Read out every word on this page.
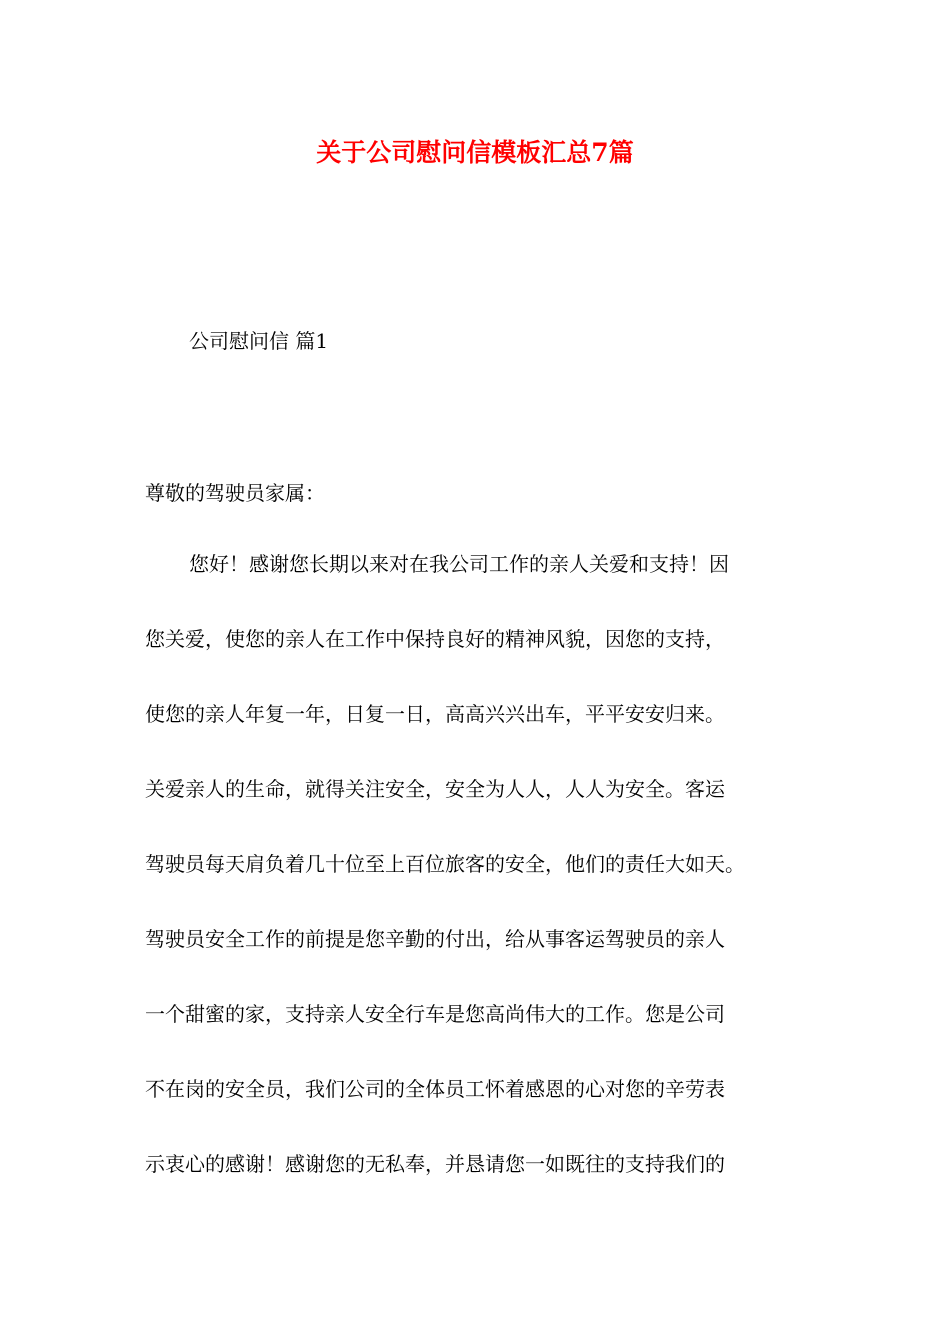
关于公司慰问信模板汇总7篇

公司慰问信 篇1

尊敬的驾驶员家属：

您好！感谢您长期以来对在我公司工作的亲人关爱和支持！因

您关爱，使您的亲人在工作中保持良好的精神风貌，因您的支持，

使您的亲人年复一年，日复一日，高高兴兴出车，平平安安归来。

关爱亲人的生命，就得关注安全，安全为人人，人人为安全。客运

驾驶员每天肩负着几十位至上百位旅客的安全，他们的责任大如天。

驾驶员安全工作的前提是您辛勤的付出，给从事客运驾驶员的亲人

一个甜蜜的家，支持亲人安全行车是您高尚伟大的工作。您是公司

不在岗的安全员，我们公司的全体员工怀着感恩的心对您的辛劳表

示衷心的感谢！感谢您的无私奉，并恳请您一如既往的支持我们的
